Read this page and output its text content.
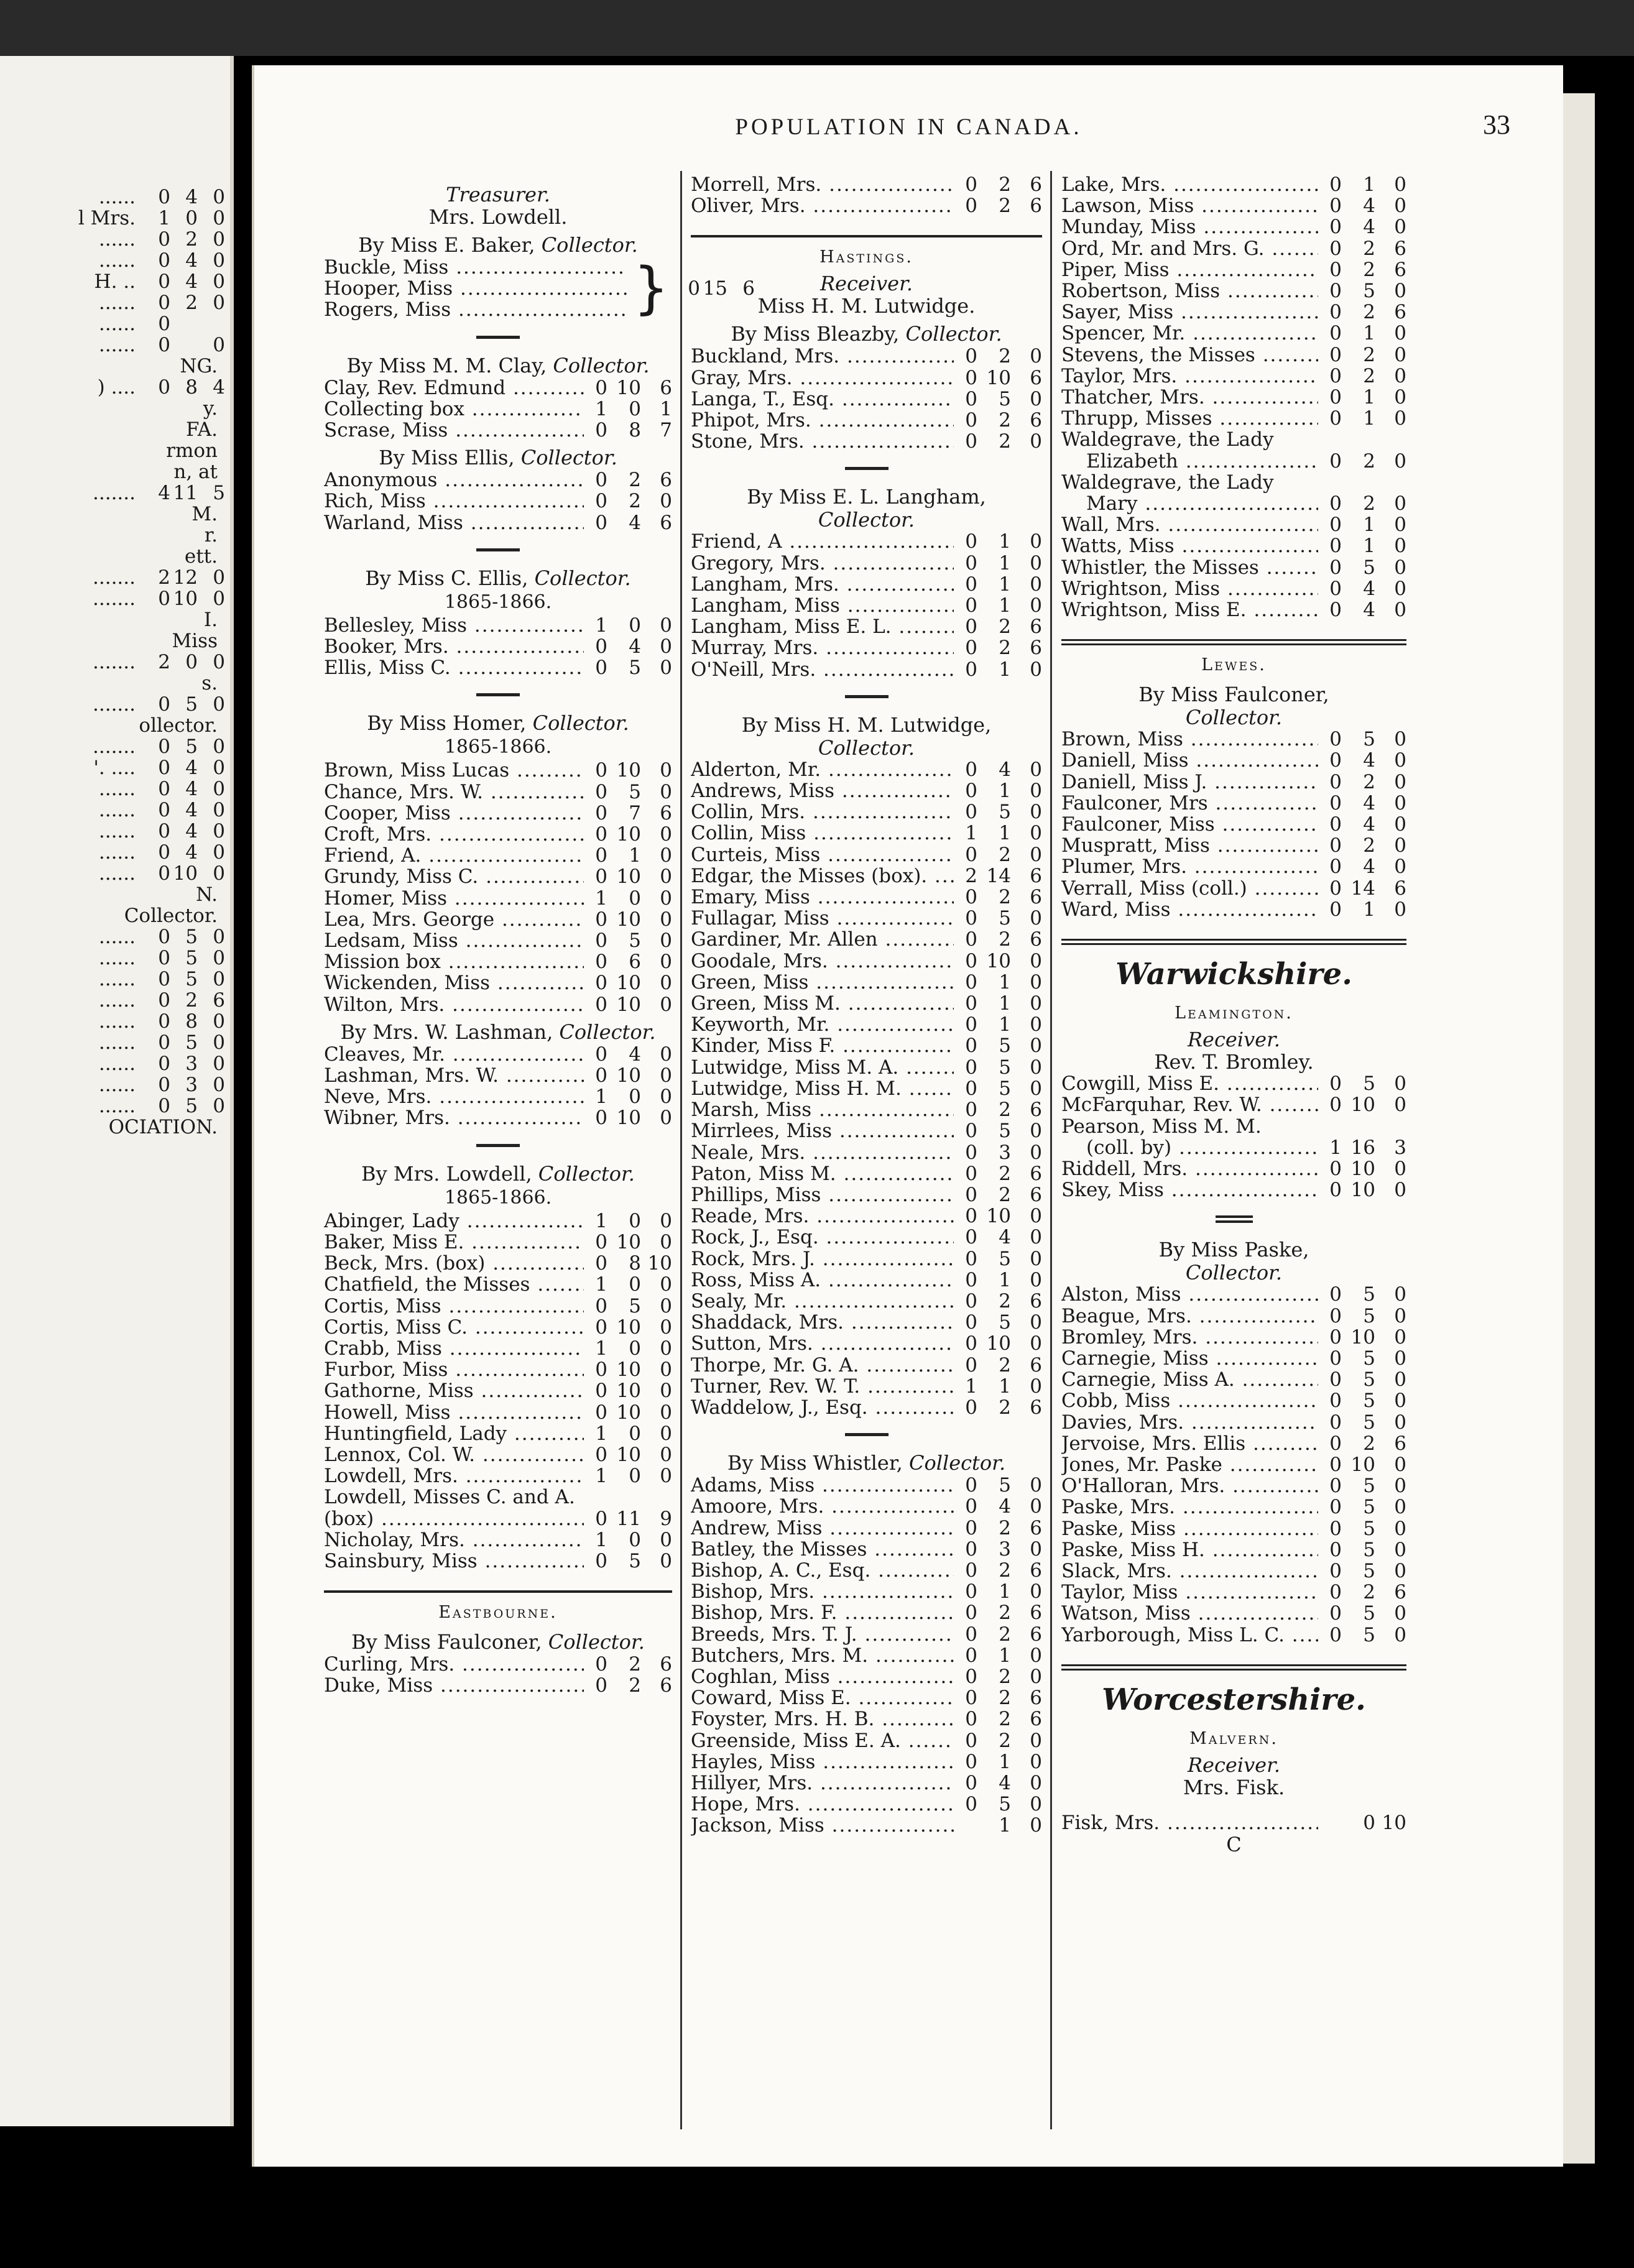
......	0 4 0
l Mrs.	1 0 0
......	0 2 0
......	0 4 0
H. ..	0 4 0
......	0 2 0
......	0
......	0	0
NG.
) ....	0 8 4
y.
FA.
rmon
n, at
.......	4 11 5
M.
r.
ett.
.......	2 12 0
.......	0 10 0
I.
Miss
.......	2 0 0
s.
.......	0 5 0
ollector.
.......	0 5 0
'. ....	0 4 0
......	0 4 0
......	0 4 0
......	0 4 0
......	0 4 0
......	0 10 0
N.
Collector.
......	0 5 0
......	0 5 0
......	0 5 0
......	0 2 6
......	0 8 0
......	0 5 0
......	0 3 0
......	0 3 0
......	0 5 0
OCIATION.
POPULATION IN CANADA.	33
Treasurer.
Mrs. Lowdell.
By Miss E. Baker, Collector.
Buckle, Miss .....
Hooper, Miss .....
Rogers, Miss .....	} 0 15 6
By Miss M. M. Clay, Collector.
Clay, Rev. Edmund .....	0 10 6
Collecting box .....	1	0 1
Scrase, Miss .....	0	8 7
By Miss Ellis, Collector.
Anonymous .....	0	2 6
Rich, Miss .....	0	2 0
Warland, Miss .....	0	4 6
By Miss C. Ellis, Collector.
1865-1866.
Bellesley, Miss .....	1	0 0
Booker, Mrs. .....	0	4 0
Ellis, Miss C. .....	0	5 0
By Miss Homer, Collector.
1865-1866.
Brown, Miss Lucas .....	0 10 0
Chance, Mrs. W. .....	0	5 0
Cooper, Miss .....	0	7 6
Croft, Mrs. .....	0 10 0
Friend, A. .....	0	1 0
Grundy, Miss C. .....	0 10 0
Homer, Miss .....	1	0 0
Lea, Mrs. George .....	0 10 0
Ledsam, Miss .....	0	5 0
Mission box .....	0	6 0
Wickenden, Miss .....	0 10 0
Wilton, Mrs. .....	0 10 0
By Mrs. W. Lashman, Collector.
Cleaves, Mr. .....	0	4 0
Lashman, Mrs. W. .....	0 10 0
Neve, Mrs. .....	1	0 0
Wibner, Mrs. .....	0 10 0
By Mrs. Lowdell, Collector.
1865-1866.
Abinger, Lady .....	1	0 0
Baker, Miss E. .....	0 10 0
Beck, Mrs. (box) .....	0	8 10
Chatfield, the Misses .....	1	0 0
Cortis, Miss .....	0	5 0
Cortis, Miss C. .....	0 10 0
Crabb, Miss .....	1	0 0
Furbor, Miss .....	0 10 0
Gathorne, Miss .....	0 10 0
Howell, Miss .....	0 10 0
Huntingfield, Lady .....	1	0 0
Lennox, Col. W. .....	0 10 0
Lowdell, Mrs. .....	1	0 0
Lowdell, Misses C. and A.
(box) .....	0 11 9
Nicholay, Mrs. .....	1	0 0
Sainsbury, Miss .....	0	5 0
Eastbourne.
By Miss Faulconer, Collector.
Curling, Mrs. .....	0	2 6
Duke, Miss .....	0	2 6
Morrell, Mrs. .....	0	2 6
Oliver, Mrs. .....	0	2 6
Hastings.
Receiver.
Miss H. M. Lutwidge.
By Miss Bleazby, Collector.
Buckland, Mrs. .....	0	2 0
Gray, Mrs. .....	0 10 6
Langa, T., Esq. .....	0	5 0
Phipot, Mrs. .....	0	2 6
Stone, Mrs. .....	0	2 0
By Miss E. L. Langham,
Collector.
Friend, A .....	0	1 0
Gregory, Mrs. .....	0	1 0
Langham, Mrs. .....	0	1 0
Langham, Miss .....	0	1 0
Langham, Miss E. L. .....	0	2 6
Murray, Mrs. .....	0	2 6
O'Neill, Mrs. .....	0	1 0
By Miss H. M. Lutwidge,
Collector.
Alderton, Mr. .....	0	4 0
Andrews, Miss .....	0	1 0
Collin, Mrs. .....	0	5 0
Collin, Miss .....	1	1 0
Curteis, Miss .....	0	2 0
Edgar, the Misses (box). .....	2 14 6
Emary, Miss .....	0	2 6
Fullagar, Miss .....	0	5 0
Gardiner, Mr. Allen .....	0	2 6
Goodale, Mrs. .....	0 10 0
Green, Miss .....	0	1 0
Green, Miss M. .....	0	1 0
Keyworth, Mr. .....	0	1 0
Kinder, Miss F. .....	0	5 0
Lutwidge, Miss M. A. .....	0	5 0
Lutwidge, Miss H. M. .....	0	5 0
Marsh, Miss .....	0	2 6
Mirrlees, Miss .....	0	5 0
Neale, Mrs. .....	0	3 0
Paton, Miss M. .....	0	2 6
Phillips, Miss .....	0	2 6
Reade, Mrs. .....	0 10 0
Rock, J., Esq. .....	0	4 0
Rock, Mrs. J. .....	0	5 0
Ross, Miss A. .....	0	1 0
Sealy, Mr. .....	0	2 6
Shaddack, Mrs. .....	0	5 0
Sutton, Mrs. .....	0 10 0
Thorpe, Mr. G. A. .....	0	2 6
Turner, Rev. W. T. .....	1	1 0
Waddelow, J., Esq. .....	0	2 6
By Miss Whistler, Collector.
Adams, Miss .....	0	5 0
Amoore, Mrs. .....	0	4 0
Andrew, Miss .....	0	2 6
Batley, the Misses .....	0	3 0
Bishop, A. C., Esq. .....	0	2 6
Bishop, Mrs. .....	0	1 0
Bishop, Mrs. F. .....	0	2 6
Breeds, Mrs. T. J. .....	0	2 6
Butchers, Mrs. M. .....	0	1 0
Coghlan, Miss .....	0	2 0
Coward, Miss E. .....	0	2 6
Foyster, Mrs. H. B. .....	0	2 6
Greenside, Miss E. A. .....	0	2 0
Hayles, Miss .....	0	1 0
Hillyer, Mrs. .....	0	4 0
Hope, Mrs. .....	0	5 0
Jackson, Miss .....	1 0
Lake, Mrs. .....	0	1 0
Lawson, Miss .....	0	4 0
Munday, Miss .....	0	4 0
Ord, Mr. and Mrs. G. .....	0	2 6
Piper, Miss .....	0	2 6
Robertson, Miss .....	0	5 0
Sayer, Miss .....	0	2 6
Spencer, Mr. .....	0	1 0
Stevens, the Misses .....	0	2 0
Taylor, Mrs. .....	0	2 0
Thatcher, Mrs. .....	0	1 0
Thrupp, Misses .....	0	1 0
Waldegrave, the Lady
Elizabeth .....	0	2 0
Waldegrave, the Lady
Mary .....	0	2 0
Wall, Mrs. .....	0	1 0
Watts, Miss .....	0	1 0
Whistler, the Misses .....	0	5 0
Wrightson, Miss .....	0	4 0
Wrightson, Miss E. .....	0	4 0
Lewes.
By Miss Faulconer,
Collector.
Brown, Miss .....	0	5 0
Daniell, Miss .....	0	4 0
Daniell, Miss J. .....	0	2 0
Faulconer, Mrs .....	0	4 0
Faulconer, Miss .....	0	4 0
Muspratt, Miss .....	0	2 0
Plumer, Mrs. .....	0	4 0
Verrall, Miss (coll.) .....	0 14 6
Ward, Miss .....	0	1 0
Warwickshire.
Leamington.
Receiver.
Rev. T. Bromley.
Cowgill, Miss E. .....	0	5 0
McFarquhar, Rev. W. .....	0 10 0
Pearson, Miss M. M.
(coll. by) .....	1 16 3
Riddell, Mrs. .....	0 10 0
Skey, Miss .....	0 10 0
By Miss Paske,
Collector.
Alston, Miss .....	0	5 0
Beague, Mrs. .....	0	5 0
Bromley, Mrs. .....	0 10 0
Carnegie, Miss .....	0	5 0
Carnegie, Miss A. .....	0	5 0
Cobb, Miss .....	0	5 0
Davies, Mrs. .....	0	5 0
Jervoise, Mrs. Ellis .....	0	2 6
Jones, Mr. Paske .....	0 10 0
O'Halloran, Mrs. .....	0	5 0
Paske, Mrs. .....	0	5 0
Paske, Miss .....	0	5 0
Paske, Miss H. .....	0	5 0
Slack, Mrs. .....	0	5 0
Taylor, Miss .....	0	2 6
Watson, Miss .....	0	5 0
Yarborough, Miss L. C. .....	0	5 0
Worcestershire.
Malvern.
Receiver.
Mrs. Fisk.
Fisk, Mrs. .....	0 10
C
